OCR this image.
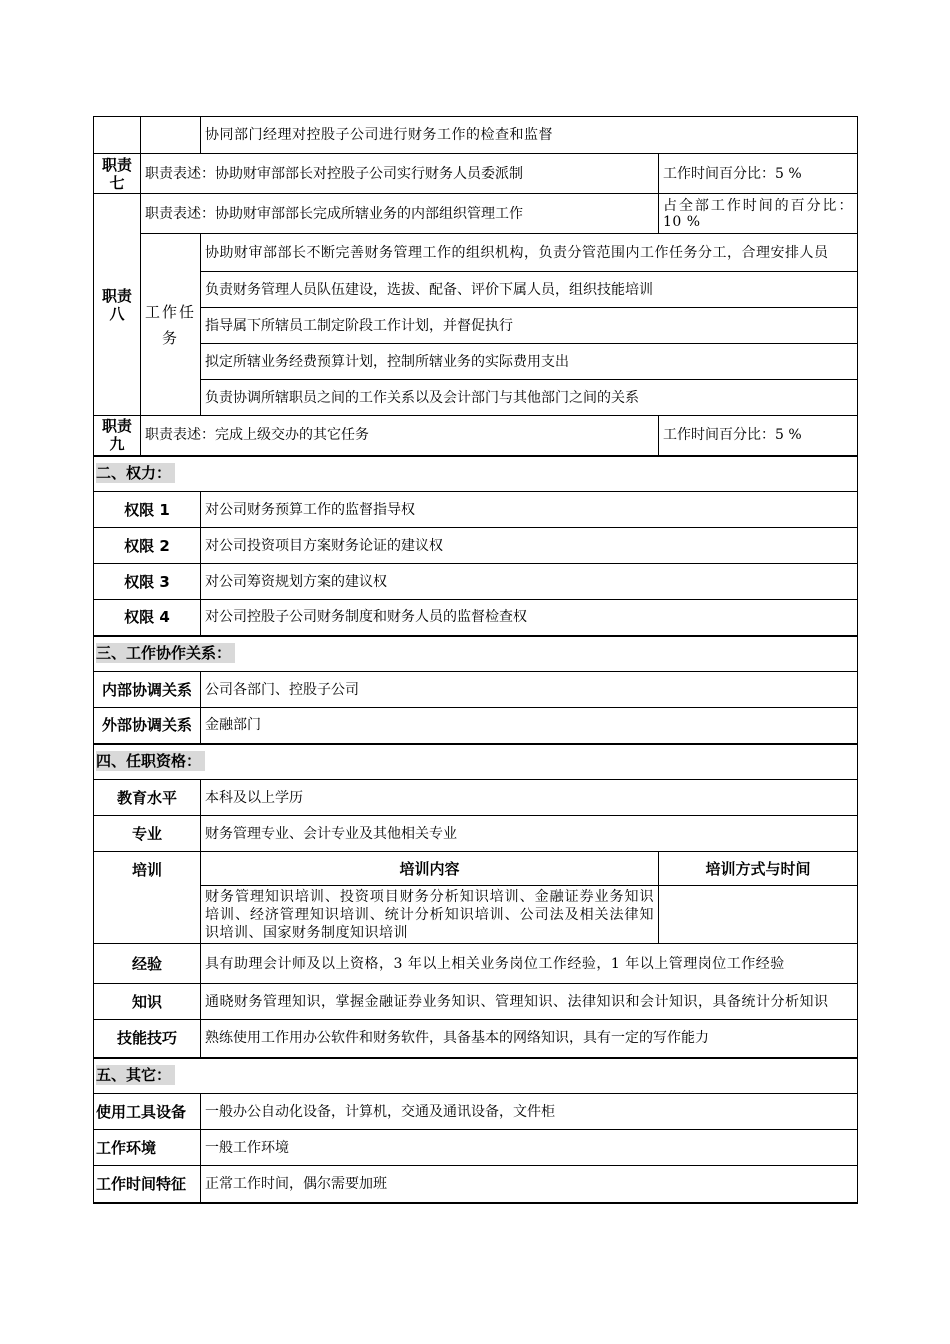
		协同部门经理对控股子公司进行财务工作的检查和监督	
职责七	职责表述：协助财审部部长对控股子公司实行财务人员委派制		工作时间百分比：5 %
职责八	职责表述：协助财审部部长完成所辖业务的内部组织管理工作		占全部工作时间的百分比：10 %
	工作任务	协助财审部部长不断完善财务管理工作的组织机构，负责分管范围内工作任务分工，合理安排人员	
		负责财务管理人员队伍建设，选拔、配备、评价下属人员，组织技能培训	
		指导属下所辖员工制定阶段工作计划，并督促执行	
		拟定所辖业务经费预算计划，控制所辖业务的实际费用支出	
		负责协调所辖职员之间的工作关系以及会计部门与其他部门之间的关系	
职责九	职责表述：完成上级交办的其它任务		工作时间百分比：5 %
二、权力：			
权限 1		对公司财务预算工作的监督指导权	
权限 2		对公司投资项目方案财务论证的建议权	
权限 3		对公司筹资规划方案的建议权	
权限 4		对公司控股子公司财务制度和财务人员的监督检查权	
三、工作协作关系：			
内部协调关系		公司各部门、控股子公司	
外部协调关系		金融部门	
四、任职资格：			
教育水平		本科及以上学历	
专业		财务管理专业、会计专业及其他相关专业	
培训		培训内容	培训方式与时间
		财务管理知识培训、投资项目财务分析知识培训、金融证券业务知识培训、经济管理知识培训、统计分析知识培训、公司法及相关法律知识培训、国家财务制度知识培训	
经验		具有助理会计师及以上资格，3 年以上相关业务岗位工作经验，1 年以上管理岗位工作经验	
知识		通晓财务管理知识，掌握金融证券业务知识、管理知识、法律知识和会计知识，具备统计分析知识	
技能技巧		熟练使用工作用办公软件和财务软件，具备基本的网络知识，具有一定的写作能力	
五、其它：			
使用工具设备		一般办公自动化设备，计算机，交通及通讯设备，文件柜	
工作环境		一般工作环境	
工作时间特征		正常工作时间，偶尔需要加班	
